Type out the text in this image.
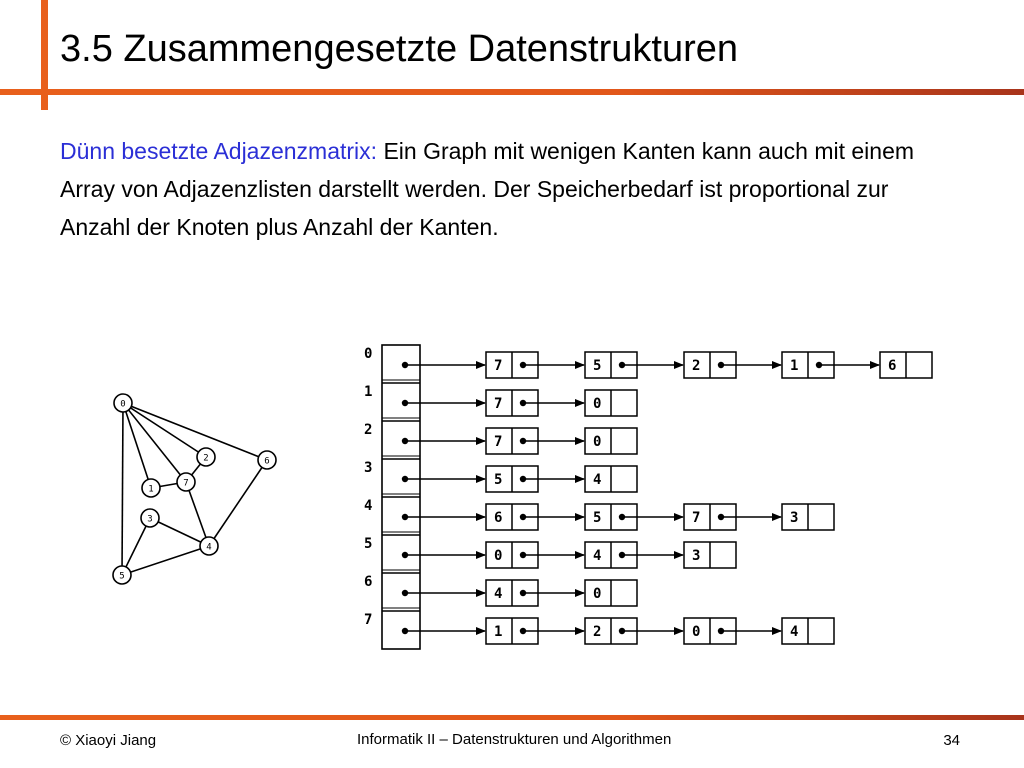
3.5 Zusammengesetzte Datenstrukturen

Dünn besetzte Adjazenzmatrix: Ein Graph mit wenigen Kanten kann auch mit einem Array von Adjazenzlisten darstellt werden. Der Speicherbedarf ist proportional zur Anzahl der Knoten plus Anzahl der Kanten.

0
1
2
3
4
5
6
7
0
7	5	2	1	6
1
7	0
2
7	0
3
5	4
4
6	5	7	3
5
0	4	3
6
4	0
7
1	2	0	4
© Xiaoyi Jiang	Informatik II – Datenstrukturen und Algorithmen	34
